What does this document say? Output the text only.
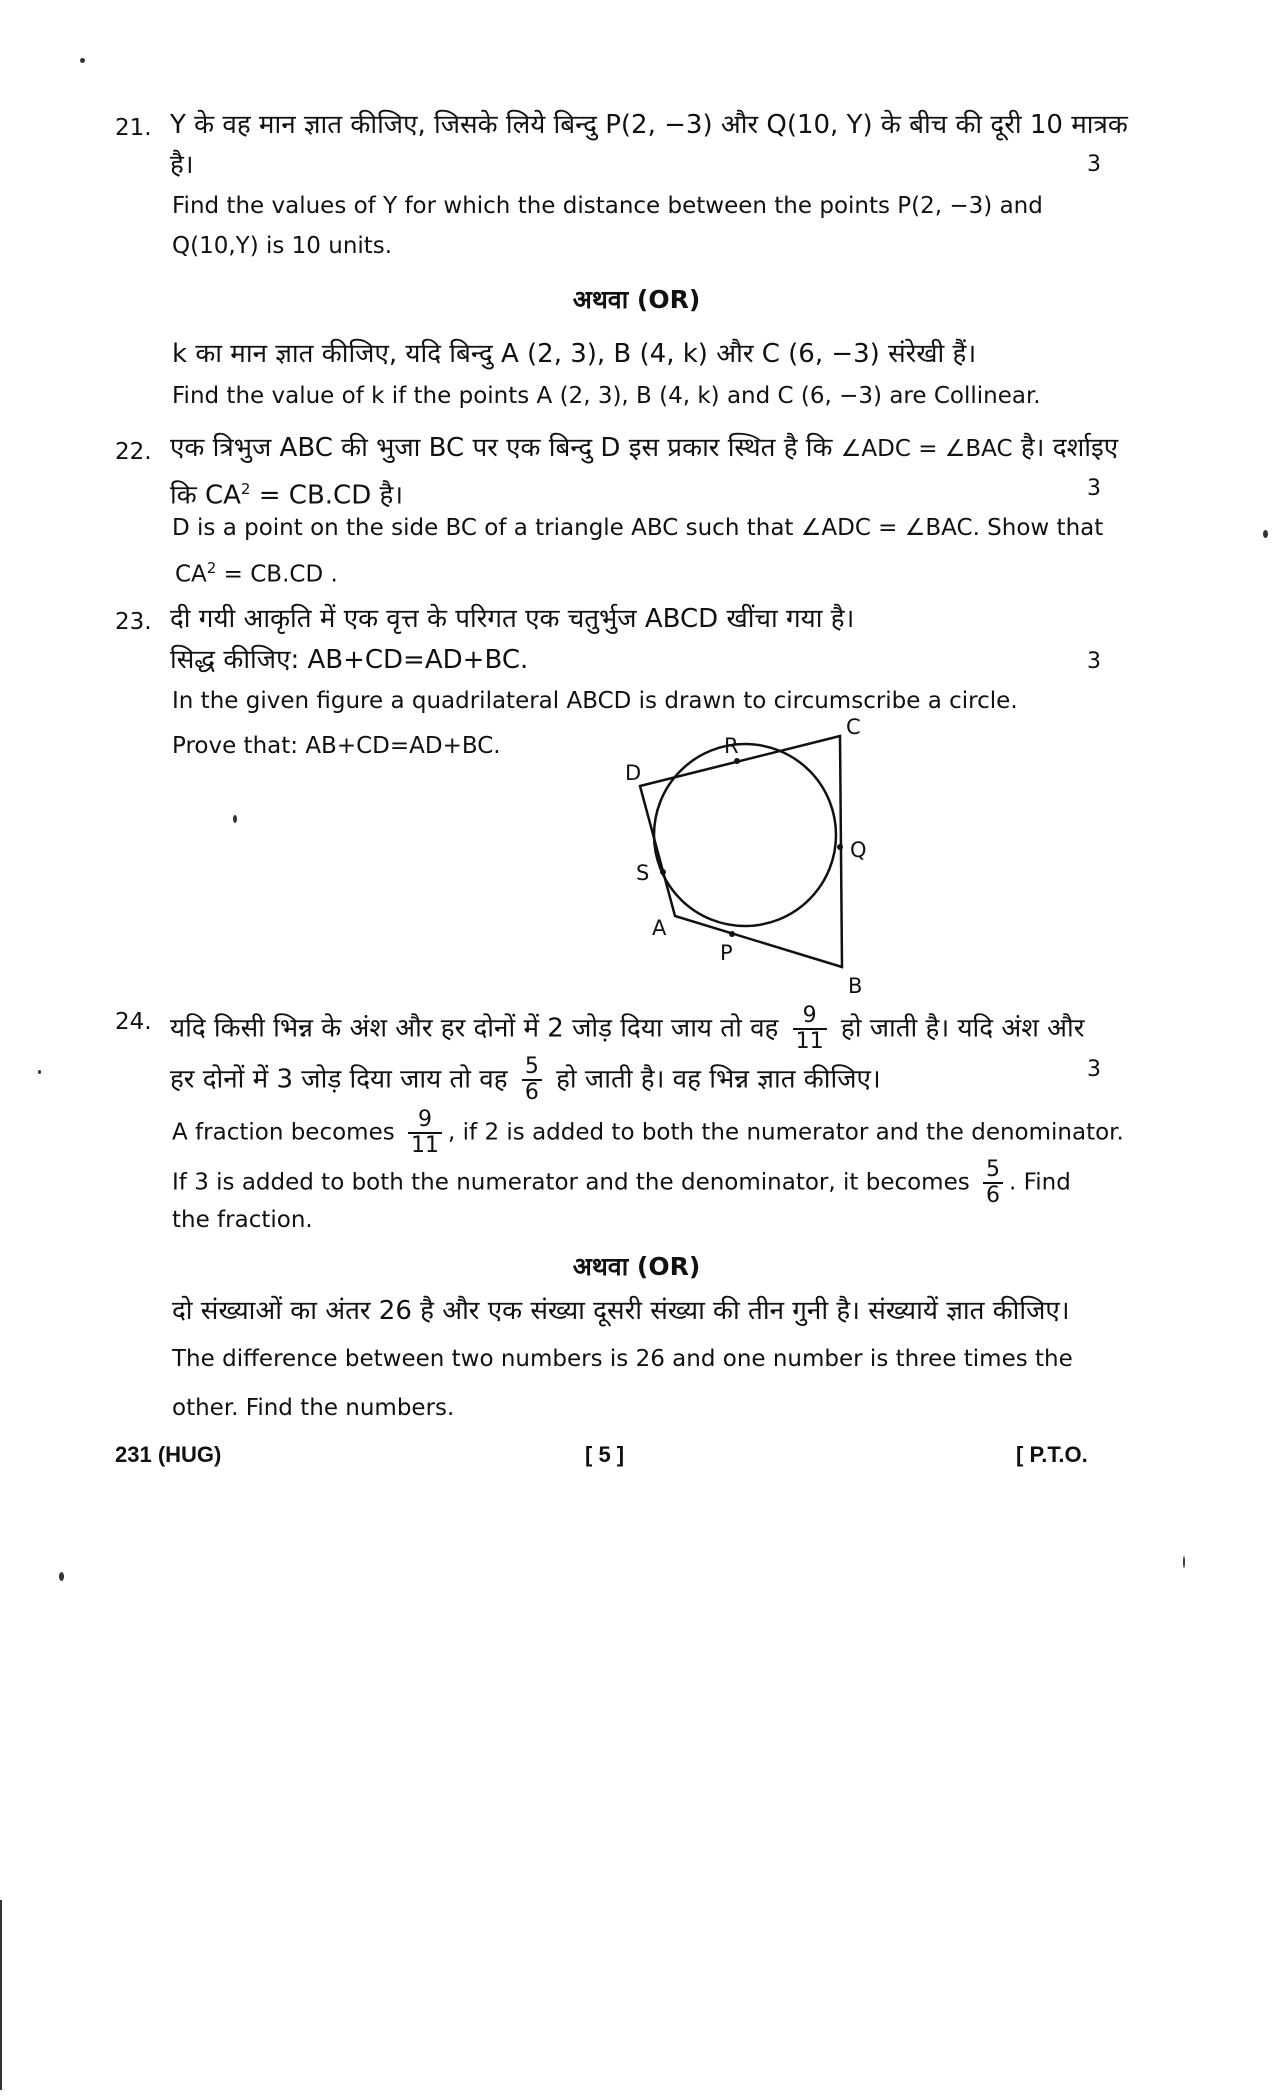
21. Y के वह मान ज्ञात कीजिए, जिसके लिये बिन्दु P(2, −3) और Q(10, Y) के बीच की दूरी 10 मात्रक
है।	3
Find the values of Y for which the distance between the points P(2, −3) and
Q(10,Y) is 10 units.
अथवा (OR)
k का मान ज्ञात कीजिए, यदि बिन्दु A (2, 3), B (4, k) और C (6, −3) संरेखी हैं।
Find the value of k if the points A (2, 3), B (4, k) and C (6, −3) are Collinear.
22. एक त्रिभुज ABC की भुजा BC पर एक बिन्दु D इस प्रकार स्थित है कि ∠ADC = ∠BAC है। दर्शाइए
कि $CA^2 = CB.CD$ है।	3
D is a point on the side BC of a triangle ABC such that ∠ADC = ∠BAC. Show that
$CA^2 = CB.CD$ .
23. दी गयी आकृति में एक वृत्त के परिगत एक चतुर्भुज ABCD खींचा गया है।
सिद्ध कीजिए: AB+CD=AD+BC.	3
In the given figure a quadrilateral ABCD is drawn to circumscribe a circle.
Prove that: AB+CD=AD+BC.
D
C
R
Q
S
A
P
B
24. यदि किसी भिन्न के अंश और हर दोनों में 2 जोड़ दिया जाय तो वह $\frac{9}{11}$ हो जाती है। यदि अंश और
हर दोनों में 3 जोड़ दिया जाय तो वह $\frac{5}{6}$ हो जाती है। वह भिन्न ज्ञात कीजिए।	3
A fraction becomes $\frac{9}{11}$ , if 2 is added to both the numerator and the denominator.
If 3 is added to both the numerator and the denominator, it becomes $\frac{5}{6}$ . Find
the fraction.
अथवा (OR)
दो संख्याओं का अंतर 26 है और एक संख्या दूसरी संख्या की तीन गुनी है। संख्यायें ज्ञात कीजिए।
The difference between two numbers is 26 and one number is three times the
other. Find the numbers.
231 (HUG)	[ 5 ]	[ P.T.O.
